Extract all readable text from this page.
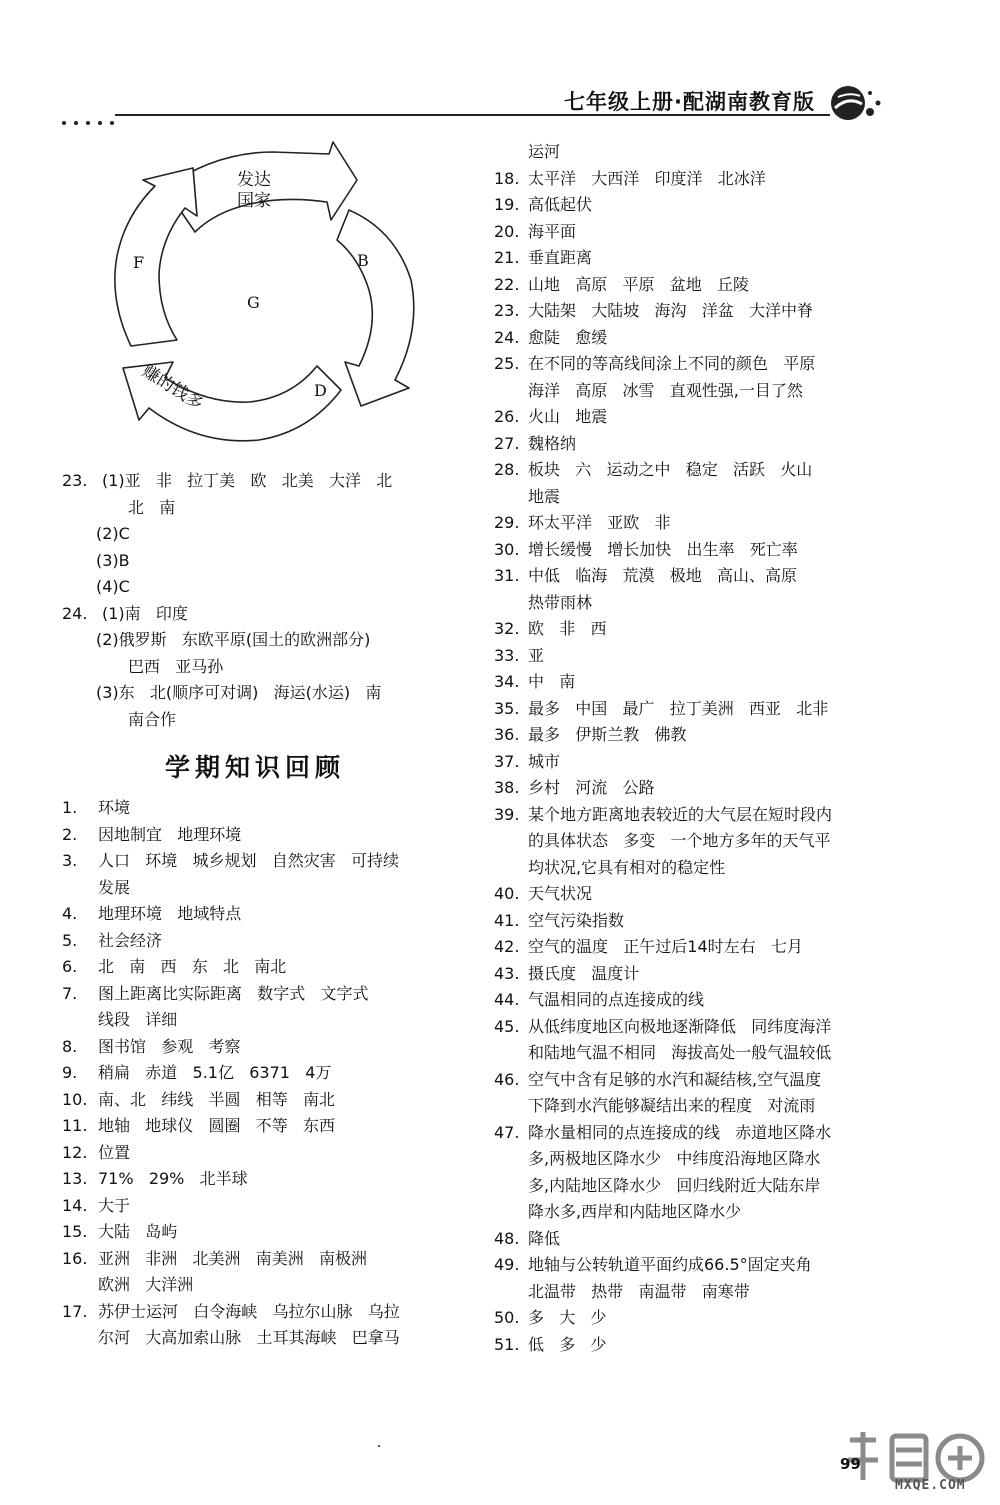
七年级上册·配湖南教育版
发达
国家
B
D
F
G
赚的钱多
23. (1)亚   非   拉丁美   欧   北美   大洋   北
北   南
(2)C
(3)B
(4)C
24. (1)南   印度
(2)俄罗斯   东欧平原(国土的欧洲部分)
巴西   亚马孙
(3)东   北(顺序可对调)   海运(水运)   南
南合作
学期知识回顾
1.	环境
2.	因地制宜   地理环境
3.	人口   环境   城乡规划   自然灾害   可持续
发展
4.	地理环境   地域特点
5.	社会经济
6.	北   南   西   东   北   南北
7.	图上距离比实际距离   数字式   文字式
线段   详细
8.	图书馆   参观   考察
9.	稍扁   赤道   5.1亿   6371   4万
10. 南、北   纬线   半圆   相等   南北
11. 地轴   地球仪   圆圈   不等   东西
12. 位置
13. 71%   29%   北半球
14. 大于
15. 大陆   岛屿
16. 亚洲   非洲   北美洲   南美洲   南极洲
欧洲   大洋洲
17. 苏伊士运河   白令海峡   乌拉尔山脉   乌拉
尔河   大高加索山脉   土耳其海峡   巴拿马
运河
18. 太平洋   大西洋   印度洋   北冰洋
19. 高低起伏
20. 海平面
21. 垂直距离
22. 山地   高原   平原   盆地   丘陵
23. 大陆架   大陆坡   海沟   洋盆   大洋中脊
24. 愈陡   愈缓
25. 在不同的等高线间涂上不同的颜色   平原
海洋   高原   冰雪   直观性强,一目了然
26. 火山   地震
27. 魏格纳
28. 板块   六   运动之中   稳定   活跃   火山
地震
29. 环太平洋   亚欧   非
30. 增长缓慢   增长加快   出生率   死亡率
31. 中低   临海   荒漠   极地   高山、高原
热带雨林
32. 欧   非   西
33. 亚
34. 中   南
35. 最多   中国   最广   拉丁美洲   西亚   北非
36. 最多   伊斯兰教   佛教
37. 城市
38. 乡村   河流   公路
39. 某个地方距离地表较近的大气层在短时段内
的具体状态   多变   一个地方多年的天气平
均状况,它具有相对的稳定性
40. 天气状况
41. 空气污染指数
42. 空气的温度   正午过后14时左右   七月
43. 摄氏度   温度计
44. 气温相同的点连接成的线
45. 从低纬度地区向极地逐渐降低   同纬度海洋
和陆地气温不相同   海拔高处一般气温较低
46. 空气中含有足够的水汽和凝结核,空气温度
下降到水汽能够凝结出来的程度   对流雨
47. 降水量相同的点连接成的线   赤道地区降水
多,两极地区降水少   中纬度沿海地区降水
多,内陆地区降水少   回归线附近大陆东岸
降水多,西岸和内陆地区降水少
48. 降低
49. 地轴与公转轨道平面约成66.5°固定夹角
北温带   热带   南温带   南寒带
50. 多   大   少
51. 低   多   少
99
MXQE.COM
